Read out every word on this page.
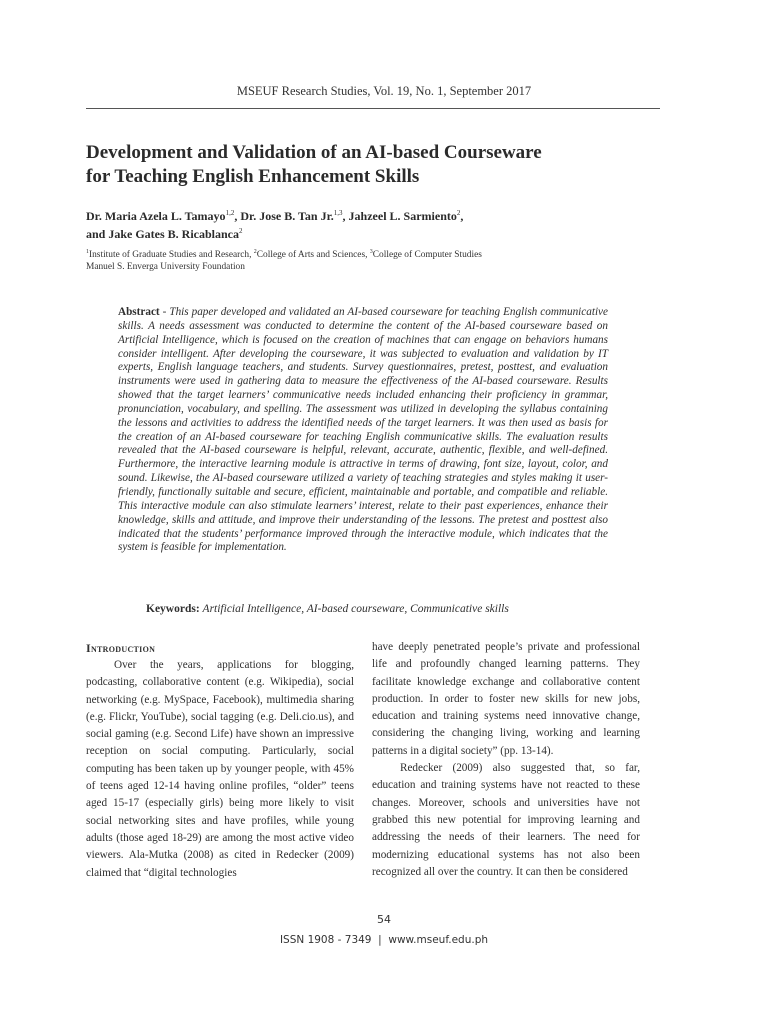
MSEUF Research Studies, Vol. 19, No. 1, September 2017
Development and Validation of an AI-based Courseware
for Teaching English Enhancement Skills
Dr. Maria Azela L. Tamayo$^{1,2}$, Dr. Jose B. Tan Jr.$^{1,3}$, Jahzeel L. Sarmiento$^2$,
and Jake Gates B. Ricablanca$^2$
$^1$Institute of Graduate Studies and Research, $^2$College of Arts and Sciences, $^3$College of Computer Studies
Manuel S. Enverga University Foundation
Abstract - This paper developed and validated an AI-based courseware for teaching English communicative skills. A needs assessment was conducted to determine the content of the AI-based courseware based on Artificial Intelligence, which is focused on the creation of machines that can engage on behaviors humans consider intelligent. After developing the courseware, it was subjected to evaluation and validation by IT experts, English language teachers, and students. Survey questionnaires, pretest, posttest, and evaluation instruments were used in gathering data to measure the effectiveness of the AI-based courseware. Results showed that the target learners’ communicative needs included enhancing their proficiency in grammar, pronunciation, vocabulary, and spelling. The assessment was utilized in developing the syllabus containing the lessons and activities to address the identified needs of the target learners. It was then used as basis for the creation of an AI-based courseware for teaching English communicative skills. The evaluation results revealed that the AI-based courseware is helpful, relevant, accurate, authentic, flexible, and well-defined. Furthermore, the interactive learning module is attractive in terms of drawing, font size, layout, color, and sound. Likewise, the AI-based courseware utilized a variety of teaching strategies and styles making it user-friendly, functionally suitable and secure, efficient, maintainable and portable, and compatible and reliable. This interactive module can also stimulate learners’ interest, relate to their past experiences, enhance their knowledge, skills and attitude, and improve their understanding of the lessons. The pretest and posttest also indicated that the students’ performance improved through the interactive module, which indicates that the system is feasible for implementation.
Keywords: Artificial Intelligence, AI-based courseware, Communicative skills
Introduction

Over the years, applications for blogging, podcasting, collaborative content (e.g. Wikipedia), social networking (e.g. MySpace, Facebook), multimedia sharing (e.g. Flickr, YouTube), social tagging (e.g. Deli.cio.us), and social gaming (e.g. Second Life) have shown an impressive reception on social computing. Particularly, social computing has been taken up by younger people, with 45% of teens aged 12-14 having online profiles, “older” teens aged 15-17 (especially girls) being more likely to visit social networking sites and have profiles, while young adults (those aged 18-29) are among the most active video viewers. Ala-Mutka (2008) as cited in Redecker (2009) claimed that “digital technologies

have deeply penetrated people’s private and professional life and profoundly changed learning patterns. They facilitate knowledge exchange and collaborative content production. In order to foster new skills for new jobs, education and training systems need innovative change, considering the changing living, working and learning patterns in a digital society” (pp. 13-14).

Redecker (2009) also suggested that, so far, education and training systems have not reacted to these changes. Moreover, schools and universities have not grabbed this new potential for improving learning and addressing the needs of their learners. The need for modernizing educational systems has not also been recognized all over the country. It can then be considered

54
ISSN 1908 - 7349  |  www.mseuf.edu.ph
